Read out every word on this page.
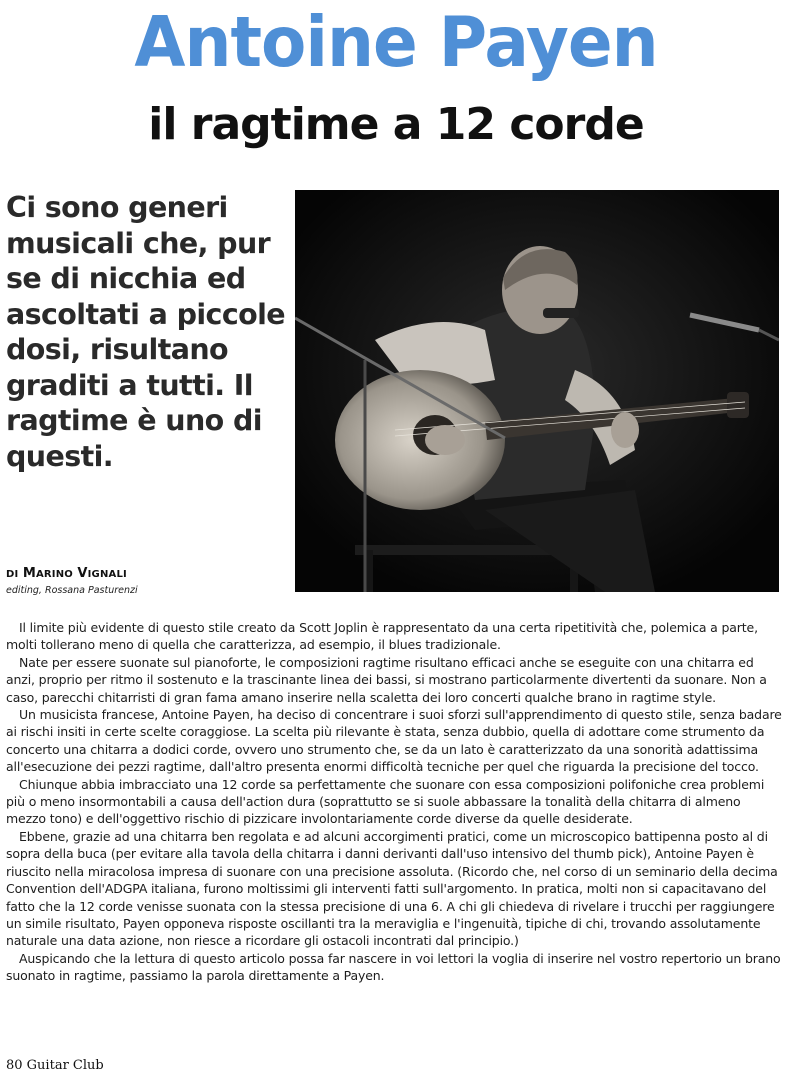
Antoine Payen
il ragtime a 12 corde
Ci sono generi musicali che, pur se di nicchia ed ascoltati a piccole dosi, risultano graditi a tutti. Il ragtime è uno di questi.
DI MARINO VIGNALI
editing, Rossana Pasturenzi

Il limite più evidente di questo stile creato da Scott Joplin è rappresentato da una certa ripetitività che, polemica a parte, molti tollerano meno di quella che caratterizza, ad esempio, il blues tradizionale.

Nate per essere suonate sul pianoforte, le composizioni ragtime risultano efficaci anche se eseguite con una chitarra ed anzi, proprio per ritmo il sostenuto e la trascinante linea dei bassi, si mostrano particolarmente divertenti da suonare. Non a caso, parecchi chitarristi di gran fama amano inserire nella scaletta dei loro concerti qualche brano in ragtime style.

Un musicista francese, Antoine Payen, ha deciso di concentrare i suoi sforzi sull'apprendimento di questo stile, senza badare ai rischi insiti in certe scelte coraggiose. La scelta più rilevante è stata, senza dubbio, quella di adottare come strumento da concerto una chitarra a dodici corde, ovvero uno strumento che, se da un lato è caratterizzato da una sonorità adattissima all'esecuzione dei pezzi ragtime, dall'altro presenta enormi difficoltà tecniche per quel che riguarda la precisione del tocco.

Chiunque abbia imbracciato una 12 corde sa perfettamente che suonare con essa composizioni polifoniche crea problemi più o meno insormontabili a causa dell'action dura (soprattutto se si suole abbassare la tonalità della chitarra di almeno mezzo tono) e dell'oggettivo rischio di pizzicare involontariamente corde diverse da quelle desiderate.

Ebbene, grazie ad una chitarra ben regolata e ad alcuni accorgimenti pratici, come un microscopico battipenna posto al di sopra della buca (per evitare alla tavola della chitarra i danni derivanti dall'uso intensivo del thumb pick), Antoine Payen è riuscito nella miracolosa impresa di suonare con una precisione assoluta. (Ricordo che, nel corso di un seminario della decima Convention dell'ADGPA italiana, furono moltissimi gli interventi fatti sull'argomento. In pratica, molti non si capacitavano del fatto che la 12 corde venisse suonata con la stessa precisione di una 6. A chi gli chiedeva di rivelare i trucchi per raggiungere un simile risultato, Payen opponeva risposte oscillanti tra la meraviglia e l'ingenuità, tipiche di chi, trovando assolutamente naturale una data azione, non riesce a ricordare gli ostacoli incontrati dal principio.)

Auspicando che la lettura di questo articolo possa far nascere in voi lettori la voglia di inserire nel vostro repertorio un brano suonato in ragtime, passiamo la parola direttamente a Payen.

80 Guitar Club
